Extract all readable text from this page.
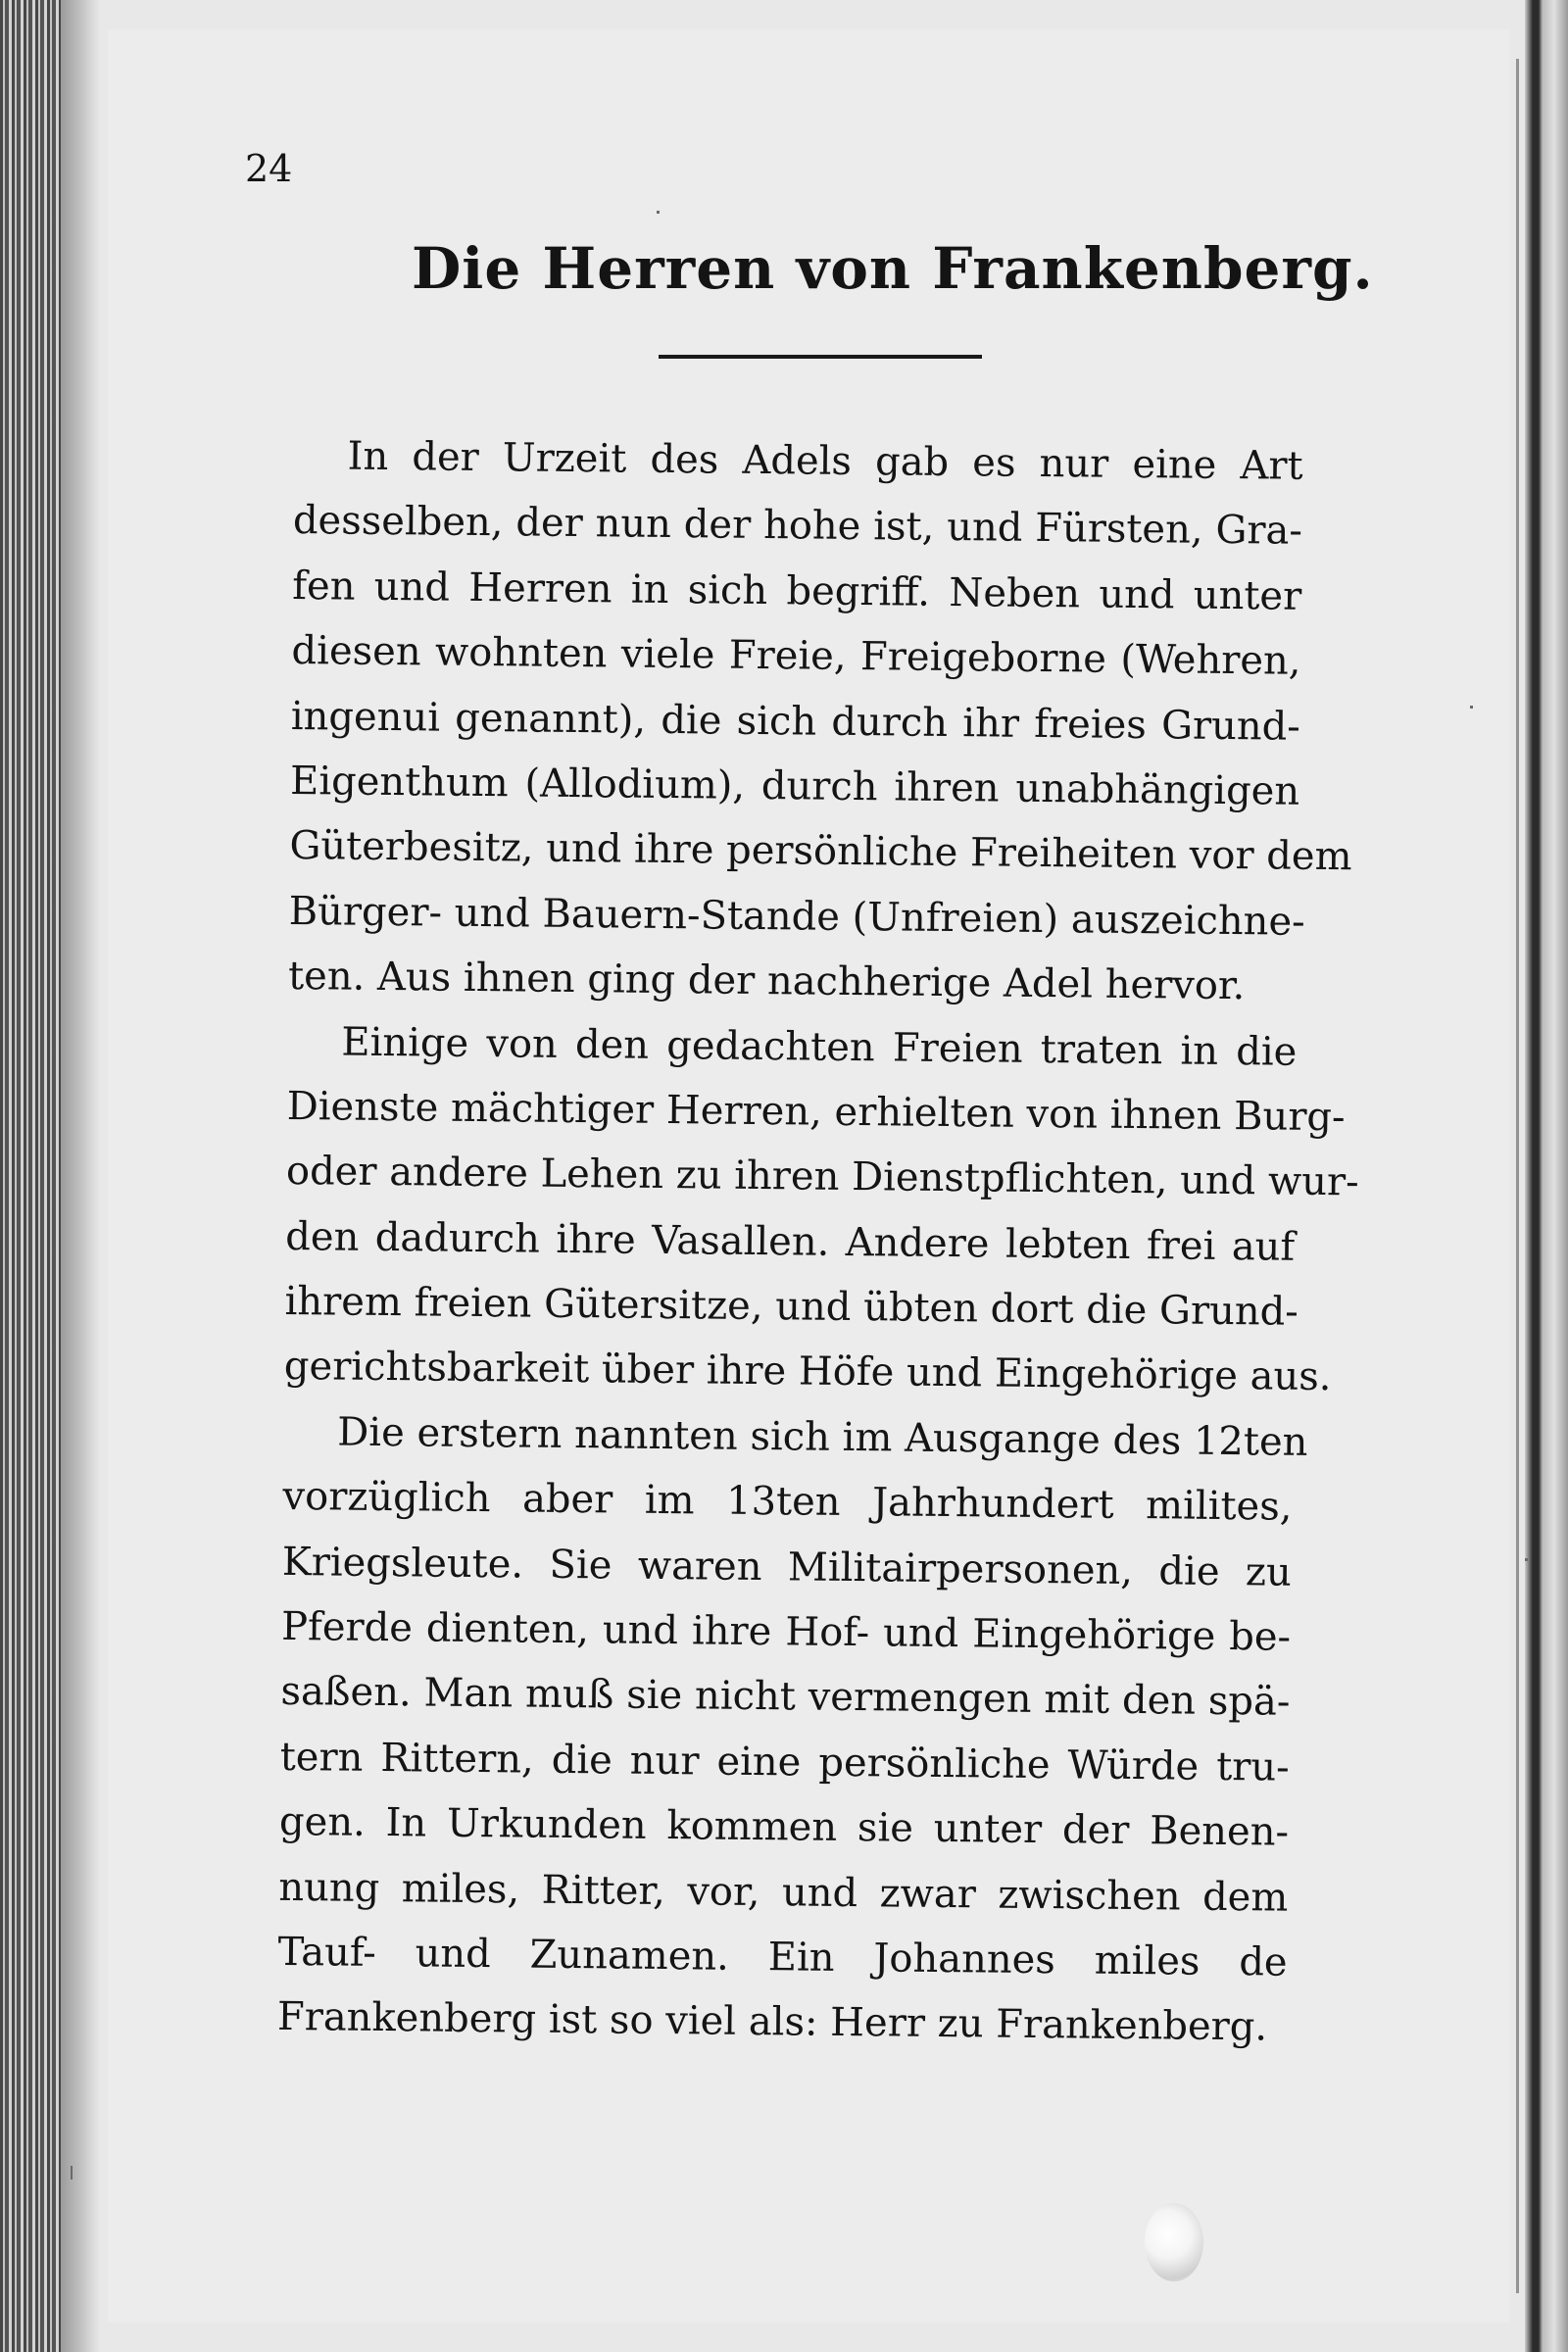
24
Die Herren von Frankenberg.
In der Urzeit des Adels gab es nur eine Art
desselben, der nun der hohe ist, und Fürsten, Gra-
fen und Herren in sich begriff. Neben und unter
diesen wohnten viele Freie, Freigeborne (Wehren,
ingenui genannt), die sich durch ihr freies Grund-
Eigenthum (Allodium), durch ihren unabhängigen
Güterbesitz, und ihre persönliche Freiheiten vor dem
Bürger- und Bauern-Stande (Unfreien) auszeichne-
ten. Aus ihnen ging der nachherige Adel hervor.
Einige von den gedachten Freien traten in die
Dienste mächtiger Herren, erhielten von ihnen Burg-
oder andere Lehen zu ihren Dienstpflichten, und wur-
den dadurch ihre Vasallen. Andere lebten frei auf
ihrem freien Gütersitze, und übten dort die Grund-
gerichtsbarkeit über ihre Höfe und Eingehörige aus.
Die erstern nannten sich im Ausgange des 12ten
vorzüglich aber im 13ten Jahrhundert milites,
Kriegsleute. Sie waren Militairpersonen, die zu
Pferde dienten, und ihre Hof- und Eingehörige be-
saßen. Man muß sie nicht vermengen mit den spä-
tern Rittern, die nur eine persönliche Würde tru-
gen. In Urkunden kommen sie unter der Benen-
nung miles, Ritter, vor, und zwar zwischen dem
Tauf- und Zunamen. Ein Johannes miles de
Frankenberg ist so viel als: Herr zu Frankenberg.
